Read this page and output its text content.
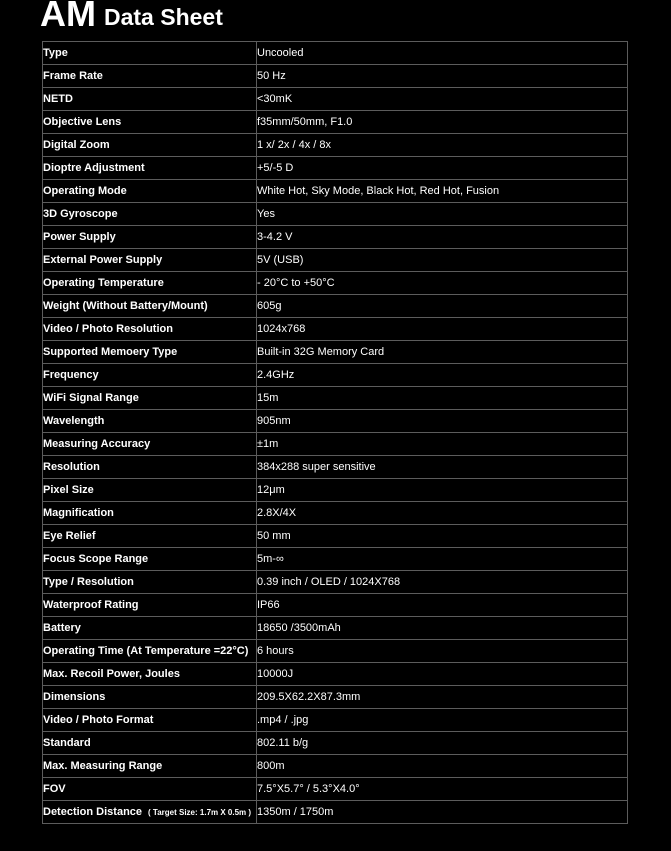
AM Data Sheet
Type	Uncooled
Frame Rate	50 Hz
NETD	<30mK
Objective Lens	f35mm/50mm, F1.0
Digital Zoom	1 x/ 2x / 4x / 8x
Dioptre Adjustment	+5/-5 D
Operating Mode	White Hot, Sky Mode, Black Hot, Red Hot, Fusion
3D Gyroscope	Yes
Power Supply	3-4.2 V
External Power Supply	5V (USB)
Operating Temperature	- 20°C to +50°C
Weight (Without Battery/Mount)	605g
Video / Photo Resolution	1024x768
Supported Memoery Type	Built-in 32G Memory Card
Frequency	2.4GHz
WiFi Signal Range	15m
Wavelength	905nm
Measuring Accuracy	±1m
Resolution	384x288 super sensitive
Pixel Size	12μm
Magnification	2.8X/4X
Eye Relief	50 mm
Focus Scope Range	5m-∞
Type / Resolution	0.39 inch / OLED / 1024X768
Waterproof Rating	IP66
Battery	18650 /3500mAh
Operating Time (At Temperature =22°C)	6 hours
Max. Recoil Power, Joules	10000J
Dimensions	209.5X62.2X87.3mm
Video / Photo Format	.mp4 / .jpg
Standard	802.11 b/g
Max. Measuring Range	800m
FOV	7.5°X5.7° / 5.3°X4.0°
Detection Distance ( Target Size: 1.7m X 0.5m )	1350m / 1750m
